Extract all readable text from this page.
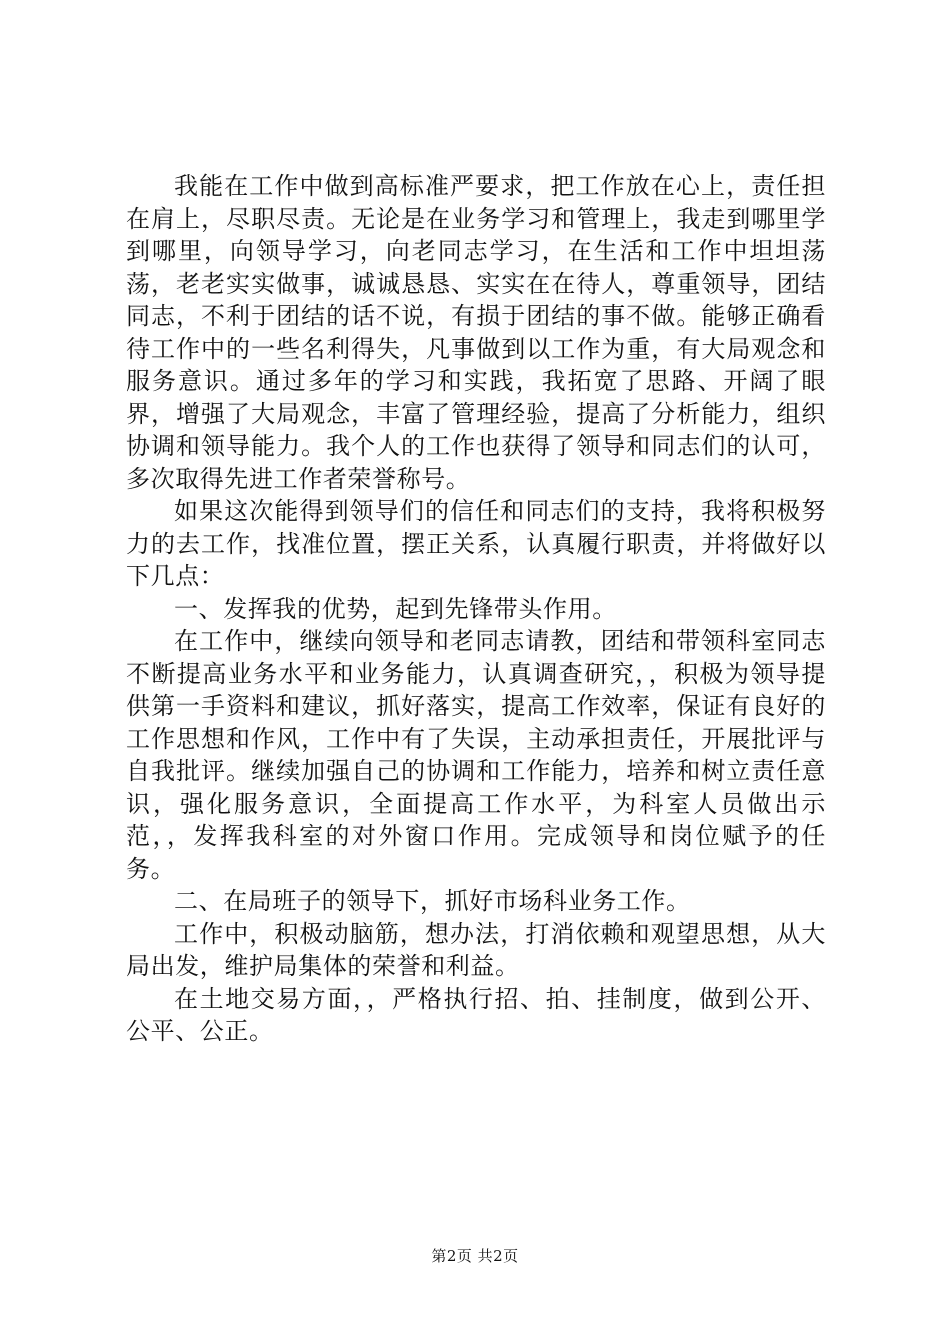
我能在工作中做到高标准严要求，把工作放在心上，责任担在肩上，尽职尽责。无论是在业务学习和管理上，我走到哪里学到哪里，向领导学习，向老同志学习，在生活和工作中坦坦荡荡，老老实实做事，诚诚恳恳、实实在在待人，尊重领导，团结同志，不利于团结的话不说，有损于团结的事不做。能够正确看待工作中的一些名利得失，凡事做到以工作为重，有大局观念和服务意识。通过多年的学习和实践，我拓宽了思路、开阔了眼界，增强了大局观念，丰富了管理经验，提高了分析能力，组织协调和领导能力。我个人的工作也获得了领导和同志们的认可，多次取得先进工作者荣誉称号。

如果这次能得到领导们的信任和同志们的支持，我将积极努力的去工作，找准位置，摆正关系，认真履行职责，并将做好以下几点：

一、发挥我的优势，起到先锋带头作用。

在工作中，继续向领导和老同志请教，团结和带领科室同志不断提高业务水平和业务能力，认真调查研究，，积极为领导提供第一手资料和建议，抓好落实，提高工作效率，保证有良好的工作思想和作风，工作中有了失误，主动承担责任，开展批评与自我批评。继续加强自己的协调和工作能力，培养和树立责任意识，强化服务意识，全面提高工作水平，为科室人员做出示范，，发挥我科室的对外窗口作用。完成领导和岗位赋予的任务。

二、在局班子的领导下，抓好市场科业务工作。

工作中，积极动脑筋，想办法，打消依赖和观望思想，从大局出发，维护局集体的荣誉和利益。

在土地交易方面，，严格执行招、拍、挂制度，做到公开、公平、公正。

第2页 共2页
